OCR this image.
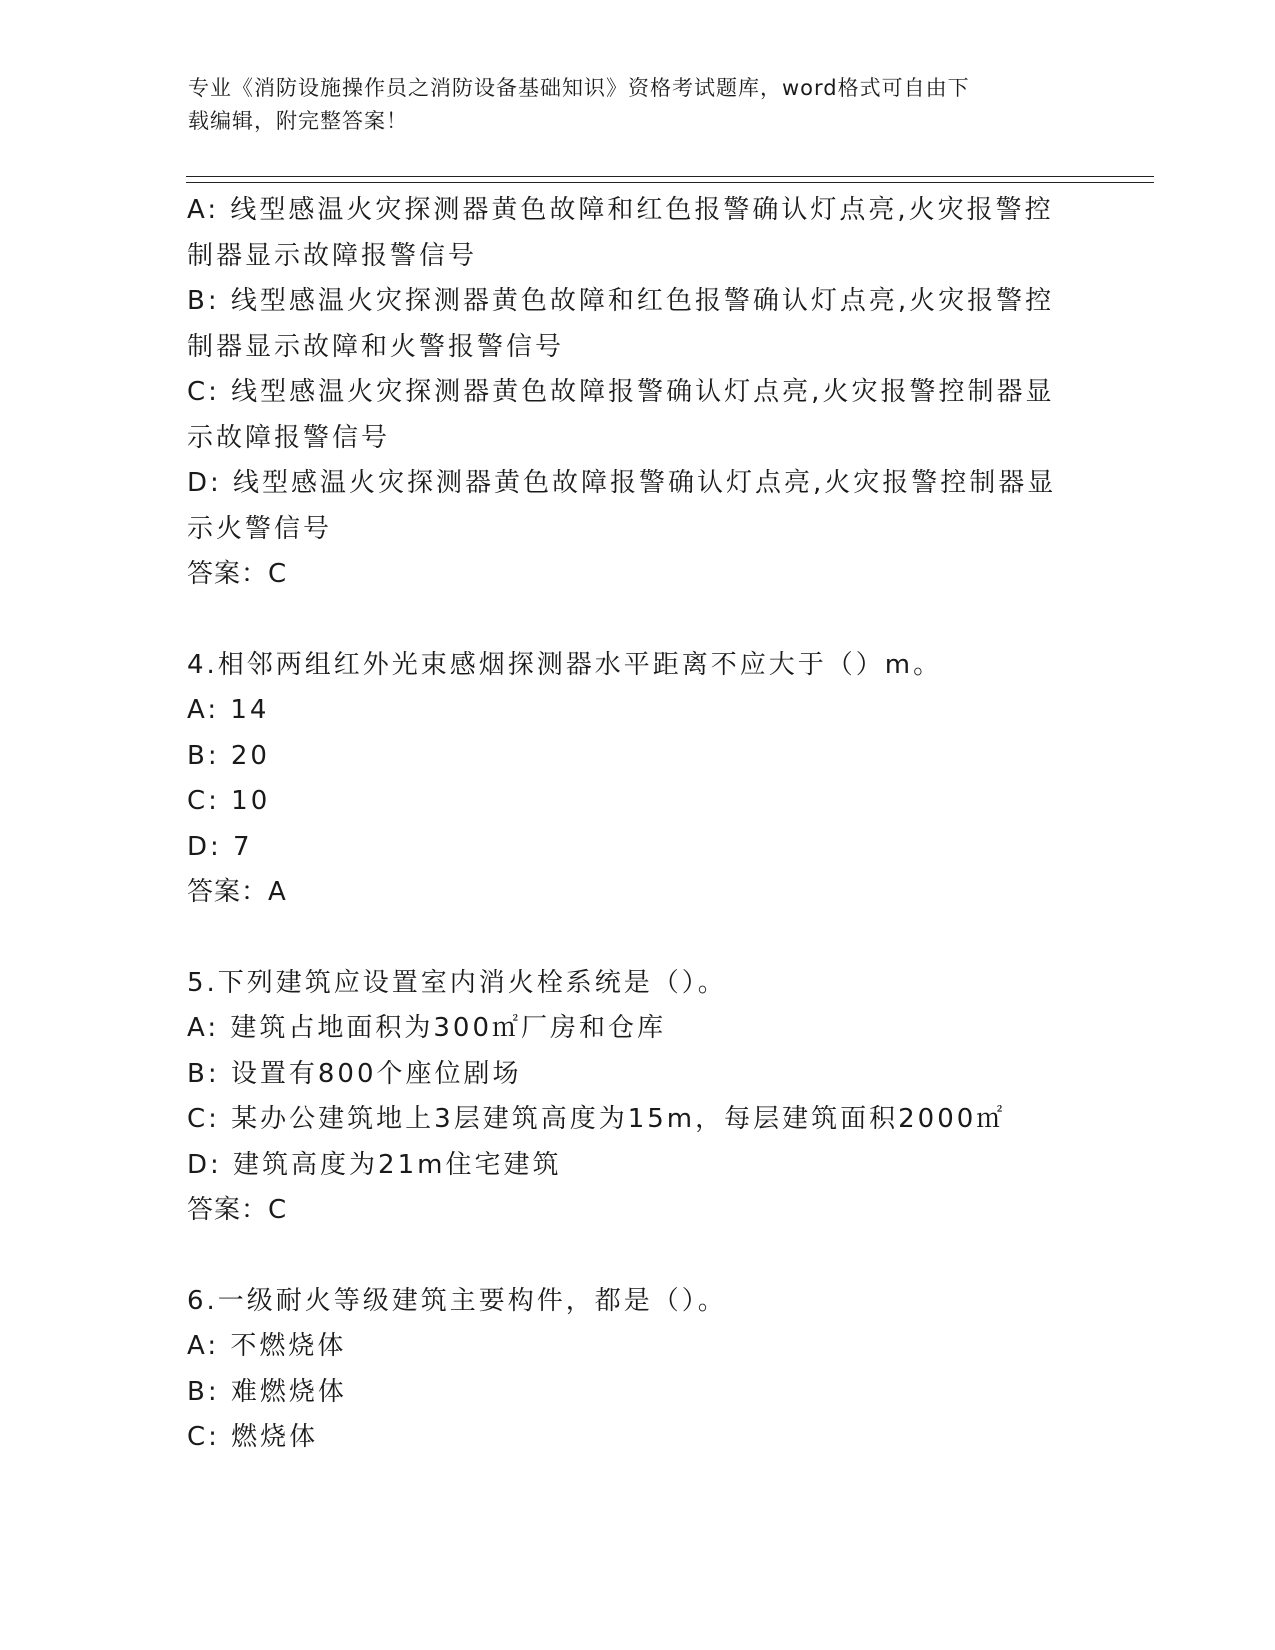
专业《消防设施操作员之消防设备基础知识》资格考试题库，word格式可自由下
载编辑，附完整答案！
A: 线型感温火灾探测器黄色故障和红色报警确认灯点亮,火灾报警控
制器显示故障报警信号
B: 线型感温火灾探测器黄色故障和红色报警确认灯点亮,火灾报警控
制器显示故障和火警报警信号
C: 线型感温火灾探测器黄色故障报警确认灯点亮,火灾报警控制器显
示故障报警信号
D: 线型感温火灾探测器黄色故障报警确认灯点亮,火灾报警控制器显
示火警信号
答案：C
4.相邻两组红外光束感烟探测器水平距离不应大于（）m。
A: 14
B: 20
C: 10
D: 7
答案：A
5.下列建筑应设置室内消火栓系统是（）。
A: 建筑占地面积为300㎡厂房和仓库
B: 设置有800个座位剧场
C: 某办公建筑地上3层建筑高度为15m，每层建筑面积2000㎡
D: 建筑高度为21m住宅建筑
答案：C
6.一级耐火等级建筑主要构件，都是（）。
A: 不燃烧体
B: 难燃烧体
C: 燃烧体
